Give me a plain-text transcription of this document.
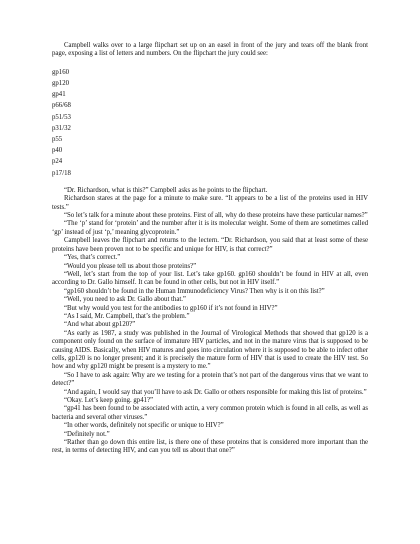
Campbell walks over to a large flipchart set up on an easel in front of the jury and tears off the blank front page, exposing a list of letters and numbers. On the flipchart the jury could see:

gp160
gp120
gp41
p66/68
p51/53
p31/32
p55
p40
p24
p17/18

“Dr. Richardson, what is this?” Campbell asks as he points to the flipchart.

Richardson stares at the page for a minute to make sure. “It appears to be a list of the proteins used in HIV tests.”

“So let’s talk for a minute about these proteins. First of all, why do these proteins have these particular names?”

“The ‘p’ stand for ‘protein’ and the number after it is its molecular weight. Some of them are sometimes called ‘gp’ instead of just ‘p,’ meaning glycoprotein.”

Campbell leaves the flipchart and returns to the lectern. “Dr. Richardson, you said that at least some of these proteins have been proven not to be specific and unique for HIV, is that correct?”

“Yes, that’s correct.”

“Would you please tell us about those proteins?”

“Well, let’s start from the top of your list. Let’s take gp160. gp160 shouldn’t be found in HIV at all, even according to Dr. Gallo himself. It can be found in other cells, but not in HIV itself.”

“gp160 shouldn’t be found in the Human Immunodeficiency Virus? Then why is it on this list?”

“Well, you need to ask Dr. Gallo about that.”

“But why would you test for the antibodies to gp160 if it’s not found in HIV?”

“As I said, Mr. Campbell, that’s the problem.”

“And what about gp120?”

“As early as 1987, a study was published in the Journal of Virological Methods that showed that gp120 is a component only found on the surface of immature HIV particles, and not in the mature virus that is supposed to be causing AIDS. Basically, when HIV matures and goes into circulation where it is supposed to be able to infect other cells, gp120 is no longer present; and it is precisely the mature form of HIV that is used to create the HIV test. So how and why gp120 might be present is a mystery to me.”

“So I have to ask again: Why are we testing for a protein that’s not part of the dangerous virus that we want to detect?”

“And again, I would say that you’ll have to ask Dr. Gallo or others responsible for making this list of proteins.”

“Okay. Let’s keep going. gp41?”

“gp41 has been found to be associated with actin, a very common protein which is found in all cells, as well as bacteria and several other viruses.”

“In other words, definitely not specific or unique to HIV?”

“Definitely not.”

“Rather than go down this entire list, is there one of these proteins that is considered more important than the rest, in terms of detecting HIV, and can you tell us about that one?”
